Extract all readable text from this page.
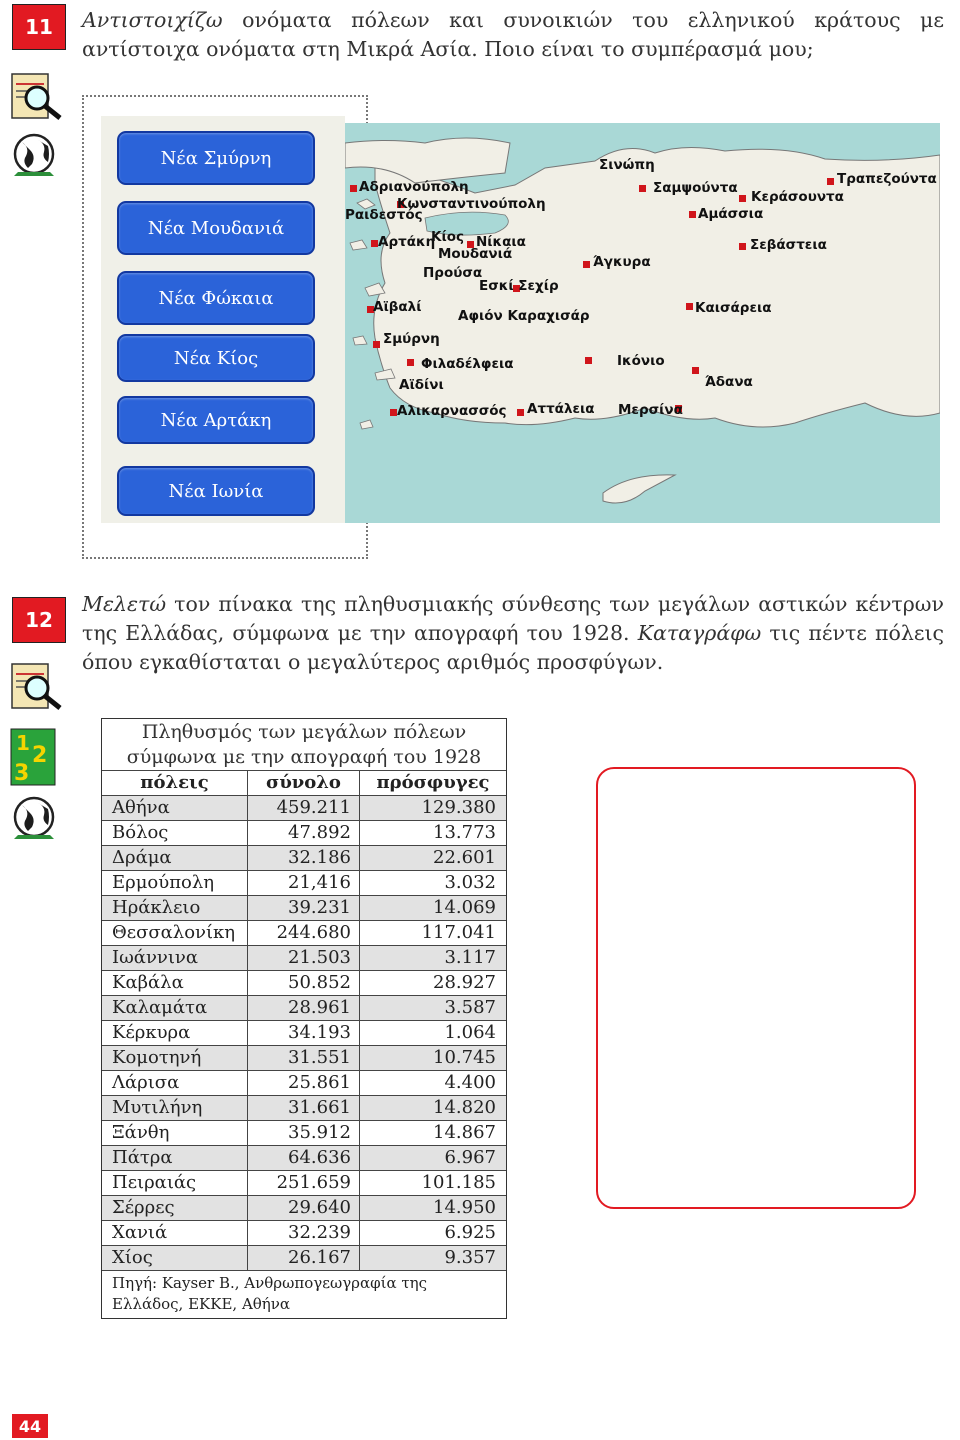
11	Αντιστοιχίζω ονόματα πόλεων και συνοικιών του ελληνικού κράτους με αντίστοιχα ονόματα στη Μικρά Ασία. Ποιο είναι το συμπέρασμά μου;
Νέα Σμύρνη
Νέα Μουδανιά
Νέα Φώκαια
Νέα Κίος
Νέα Αρτάκη
Νέα Ιωνία
Αδριανούπολη
Κωνσταντινούπολη
Ραιδεστός
Αρτάκη
Κίος Νίκαια
Μουδανιά
Προύσα
Εσκί Σεχίρ
Αϊβαλί
Αφιόν Καραχισάρ
Σμύρνη
Φιλαδέλφεια
Αϊδίνι
Αλικαρνασσός Αττάλεια
Σινώπη
Σαμψούντα
Κεράσουντα
Τραπεζούντα
Αμάσσια
Σεβάστεια
Άγκυρα
Καισάρεια
Ικόνιο
Άδανα
Μερσίνα
12
1 2
3
Μελετώ τον πίνακα της πληθυσμιακής σύνθεσης των μεγάλων αστικών κέντρων της Ελλάδας, σύμφωνα με την απογραφή του 1928. Καταγράφω τις πέντε πόλεις όπου εγκαθίσταται ο μεγαλύτερος αριθμός προσφύγων.
Πληθυσμός των μεγάλων πόλεων
σύμφωνα με την απογραφή του 1928
πόλεις	σύνολο	πρόσφυγες
Αθήνα	459.211	129.380
Βόλος	47.892	13.773
Δράμα	32.186	22.601
Ερμούπολη	21,416	3.032
Ηράκλειο	39.231	14.069
Θεσσαλονίκη	244.680	117.041
Ιωάννινα	21.503	3.117
Καβάλα	50.852	28.927
Καλαμάτα	28.961	3.587
Κέρκυρα	34.193	1.064
Κομοτηνή	31.551	10.745
Λάρισα	25.861	4.400
Μυτιλήνη	31.661	14.820
Ξάνθη	35.912	14.867
Πάτρα	64.636	6.967
Πειραιάς	251.659	101.185
Σέρρες	29.640	14.950
Χανιά	32.239	6.925
Χίος	26.167	9.357
Πηγή: Kayser B., Ανθρωπογεωγραφία της Ελλάδος, ΕΚΚΕ, Αθήνα
44
